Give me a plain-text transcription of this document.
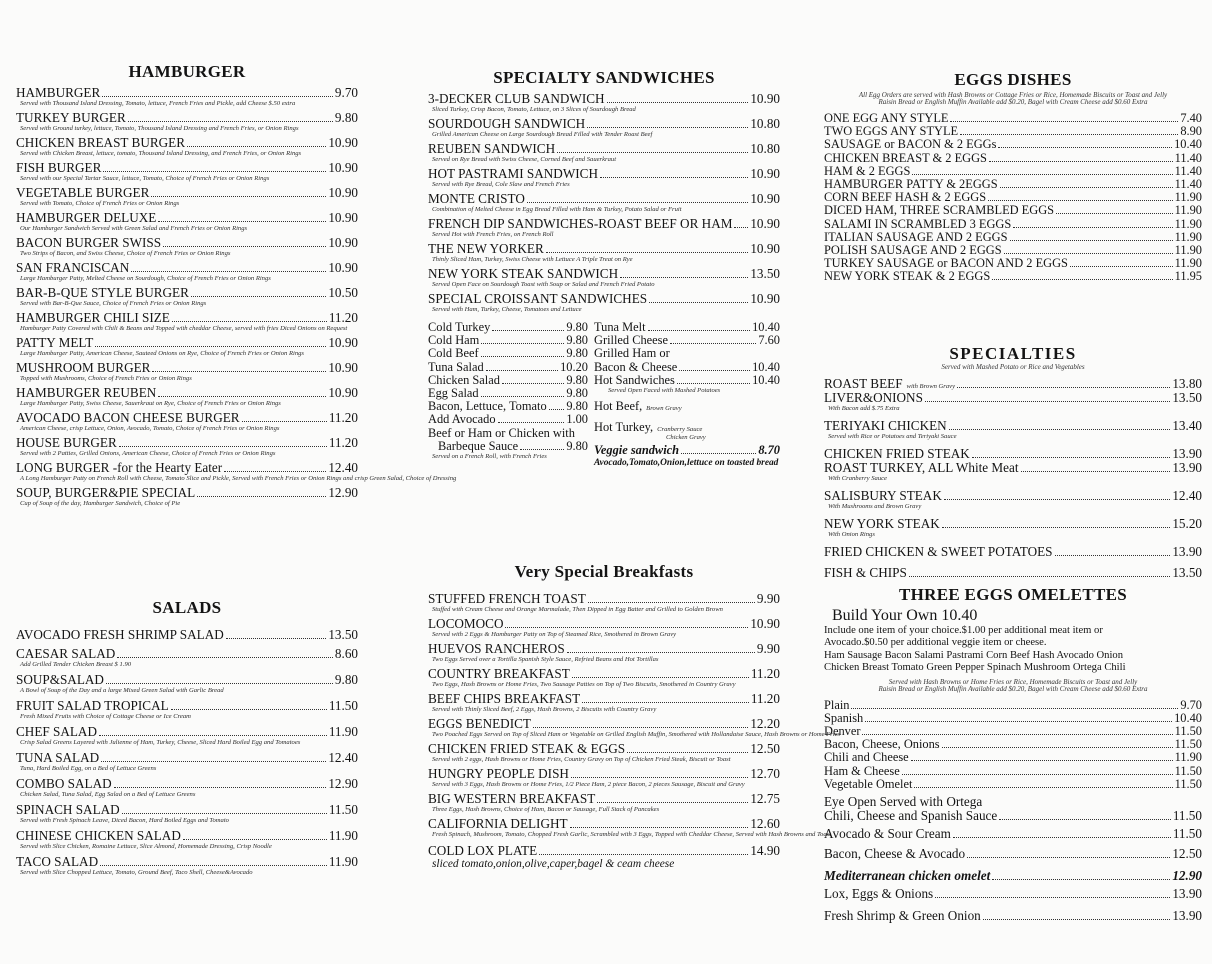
HAMBURGER
HAMBURGER	9.70
Served with Thousand Island Dressing, Tomato, lettuce, French Fries and Pickle, add Cheese $.50 extra
TURKEY BURGER	9.80
Served with Ground turkey, lettuce, Tomato, Thousand Island Dressing and French Fries, or Onion Rings
CHICKEN BREAST BURGER	10.90
Served with Chicken Breast, lettuce, tomato, Thousand Island Dressing, and French Fries, or Onion Rings
FISH BURGER	10.90
Served with our Special Tartar Sauce, lettuce, Tomato, Choice of French Fries or Onion Rings
VEGETABLE BURGER	10.90
Served with Tomato, Choice of French Fries or Onion Rings
HAMBURGER DELUXE	10.90
Our Hamburger Sandwich Served with Green Salad and French Fries or Onion Rings
BACON BURGER SWISS	10.90
Two Strips of Bacon, and Swiss Cheese, Choice of French Fries or Onion Rings
SAN FRANCISCAN	10.90
Large Hamburger Patty, Melted Cheese on Sourdough, Choice of French Fries or Onion Rings
BAR-B-QUE STYLE BURGER	10.50
Served with Bar-B-Que Sauce, Choice of French Fries or Onion Rings
HAMBURGER CHILI SIZE	11.20
Hamburger Patty Covered with Chili & Beans and Topped with cheddar Cheese, served with fries Diced Onions on Request
PATTY MELT	10.90
Large Hamburger Patty, American Cheese, Sauteed Onions on Rye, Choice of French Fries or Onion Rings
MUSHROOM BURGER	10.90
Topped with Mushrooms, Choice of French Fries or Onion Rings
HAMBURGER REUBEN	10.90
Large Hamburger Patty, Swiss Cheese, Sauerkraut on Rye, Choice of French Fries or Onion Rings
AVOCADO BACON CHEESE BURGER	11.20
American Cheese, crisp Lettuce, Onion, Avocado, Tomato, Choice of French Fries or Onion Rings
HOUSE BURGER	11.20
Served with 2 Patties, Grilled Onions, American Cheese, Choice of French Fries or Onion Rings
LONG BURGER -for the Hearty Eater	12.40
A Long Hamburger Patty on French Roll with Cheese, Tomato Slice and Pickle, Served with French Fries or Onion Rings and crisp Green Salad, Choice of Dressing
SOUP, BURGER&PIE SPECIAL	12.90
Cup of Soup of the day, Hamburger Sandwich, Choice of Pie
SALADS
AVOCADO FRESH SHRIMP SALAD	13.50
CAESAR SALAD	8.60
Add Grilled Tender Chicken Breast $ 1.90
SOUP&SALAD	9.80
A Bowl of Soup of the Day and a large Mixed Green Salad with Garlic Bread
FRUIT SALAD TROPICAL	11.50
Fresh Mixed Fruits with Choice of Cottage Cheese or Ice Cream
CHEF SALAD	11.90
Crisp Salad Greens Layered with Julienne of Ham, Turkey, Cheese, Sliced Hard Boiled Egg and Tomatoes
TUNA SALAD	12.40
Tuna, Hard Boiled Egg, on a Bed of Lettuce Greens
COMBO SALAD	12.90
Chicken Salad, Tuna Salad, Egg Salad on a Bed of Lettuce Greens
SPINACH SALAD	11.50
Served with Fresh Spinach Leave, Diced Bacon, Hard Boiled Eggs and Tomato
CHINESE CHICKEN SALAD	11.90
Served with Slice Chicken, Romaine Lettuce, Slice Almond, Homemade Dressing, Crisp Noodle
TACO SALAD	11.90
Served with Slice Chopped Lettuce, Tomato, Ground Beef, Taco Shell, Cheese&Avocado
SPECIALTY SANDWICHES
3-DECKER CLUB SANDWICH	10.90
Sliced Turkey, Crisp Bacon, Tomato, Lettuce, on 3 Slices of Sourdough Bread
SOURDOUGH SANDWICH	10.80
Grilled American Cheese on Large Sourdough Bread Filled with Tender Roast Beef
REUBEN SANDWICH	10.80
Served on Rye Bread with Swiss Cheese, Corned Beef and Sauerkraut
HOT PASTRAMI SANDWICH	10.90
Served with Rye Bread, Cole Slaw and French Fries
MONTE CRISTO	10.90
Combination of Melted Cheese in Egg Bread Filled with Ham & Turkey, Potato Salad or Fruit
FRENCH DIP SANDWICHES-ROAST BEEF OR HAM 10.90
Served Hot with French Fries, on French Roll
THE NEW YORKER	10.90
Thinly Sliced Ham, Turkey, Swiss Cheese with Lettuce A Triple Treat on Rye
NEW YORK STEAK SANDWICH	13.50
Served Open Face on Sourdough Toast with Soup or Salad and French Fried Potato
SPECIAL CROISSANT SANDWICHES	10.90
Served with Ham, Turkey, Cheese, Tomatoes and Lettuce
Cold Turkey	9.80
Cold Ham	9.80
Cold Beef	9.80
Tuna Salad	10.20
Chicken Salad	9.80
Egg Salad	9.80
Bacon, Lettuce, Tomato 9.80
Add Avocado	1.00
Beef or Ham or Chicken with
Barbeque Sauce	9.80
Served on a French Roll, with French Fries
Tuna Melt	10.40
Grilled Cheese	7.60
Grilled Ham or
Bacon & Cheese	10.40
Hot Sandwiches	10.40
Served Open Faced with Mashed Potatoes
Hot Beef, Brown Gravy
Hot Turkey, Cranberry Sauce
Chicken Gravy
Veggie sandwich	8.70
Avocado,Tomato,Onion,lettuce on toasted bread
Very Special Breakfasts
STUFFED FRENCH TOAST	9.90
Stuffed with Cream Cheese and Orange Marmalade, Then Dipped in Egg Batter and Grilled to Golden Brown
LOCOMOCO	10.90
Served with 2 Eggs & Hamburger Patty on Top of Steamed Rice, Smothered in Brown Gravy
HUEVOS RANCHEROS	9.90
Two Eggs Served over a Tortilla Spanish Style Sauce, Refried Beans and Hot Tortillas
COUNTRY BREAKFAST	11.20
Two Eggs, Hash Browns or Home Fries, Two Sausage Patties on Top of Two Biscuits, Smothered in Country Gravy
BEEF CHIPS BREAKFAST	11.20
Served with Thinly Sliced Beef, 2 Eggs, Hash Browns, 2 Biscuits with Country Gravy
EGGS BENEDICT	12.20
Two Poached Eggs Served on Top of Sliced Ham or Vegetable on Grilled English Muffin, Smothered with Hollandaise Sauce, Hash Browns or Home Fries
CHICKEN FRIED STEAK & EGGS	12.50
Served with 2 eggs, Hash Browns or Home Fries, Country Gravy on Top of Chicken Fried Steak, Biscuit or Toast
HUNGRY PEOPLE DISH	12.70
Served with 3 Eggs, Hash Browns or Home Fries, 1/2 Piece Ham, 2 piece Bacon, 2 pieces Sausage, Biscuit and Gravy
BIG WESTERN BREAKFAST	12.75
Three Eggs, Hash Browns, Choice of Ham, Bacon or Sausage, Full Stack of Pancakes
CALIFORNIA DELIGHT	12.60
Fresh Spinach, Mushroom, Tomato, Chopped Fresh Garlic, Scrambled with 3 Eggs, Topped with Cheddar Cheese, Served with Hash Browns and Toast
COLD LOX PLATE	14.90
sliced tomato,onion,olive,caper,bagel & ceam cheese
EGGS DISHES
All Egg Orders are served with Hash Browns or Cottage Fries or Rice, Homemade Biscuits or Toast and Jelly
Raisin Bread or English Muffin Available add $0.20, Bagel with Cream Cheese add $0.60 Extra
ONE EGG ANY STYLE	7.40
TWO EGGS ANY STYLE	8.90
SAUSAGE or BACON & 2 EGGs	10.40
CHICKEN BREAST & 2 EGGS	11.40
HAM & 2 EGGS	11.40
HAMBURGER PATTY & 2EGGS	11.40
CORN BEEF HASH & 2 EGGS	11.90
DICED HAM, THREE SCRAMBLED EGGS	11.90
SALAMI IN SCRAMBLED 3 EGGS	11.90
ITALIAN SAUSAGE AND 2 EGGS	11.90
POLISH SAUSAGE AND 2 EGGS	11.90
TURKEY SAUSAGE or BACON AND 2 EGGS	11.90
NEW YORK STEAK & 2 EGGS	11.95
SPECIALTIES
Served with Mashed Potato or Rice and Vegetables
ROAST BEEF with Brown Gravy	13.80
LIVER&ONIONS	13.50
With Bacon add $.75 Extra
TERIYAKI CHICKEN	13.40
Served with Rice or Potatoes and Teriyaki Sauce
CHICKEN FRIED STEAK	13.90
ROAST TURKEY, ALL White Meat	13.90
With Cranberry Sauce
SALISBURY STEAK	12.40
With Mushrooms and Brown Gravy
NEW YORK STEAK	15.20
With Onion Rings
FRIED CHICKEN & SWEET POTATOES	13.90
FISH & CHIPS	13.50
THREE EGGS OMELETTES
Build Your Own 10.40
Include one item of your choice.$1.00 per additional meat item or
Avocado.$0.50 per additional veggie item or cheese.
Ham Sausage Bacon Salami Pastrami Corn Beef Hash Avocado Onion
Chicken Breast Tomato Green Pepper Spinach Mushroom Ortega Chili
Served with Hash Browns or Home Fries or Rice, Homemade Biscuits or Toast and Jelly
Raisin Bread or English Muffin Available add $0.20, Bagel with Cream Cheese add $0.60 Extra
Plain	9.70
Spanish	10.40
Denver	11.50
Bacon, Cheese, Onions	11.50
Chili and Cheese	11.90
Ham & Cheese	11.50
Vegetable Omelet	11.50
Eye Open Served with Ortega
Chili, Cheese and Spanish Sauce	11.50
Avocado & Sour Cream	11.50
Bacon, Cheese & Avocado	12.50
Mediterranean chicken omelet	12.90
Lox, Eggs & Onions	13.90
Fresh Shrimp & Green Onion	13.90
